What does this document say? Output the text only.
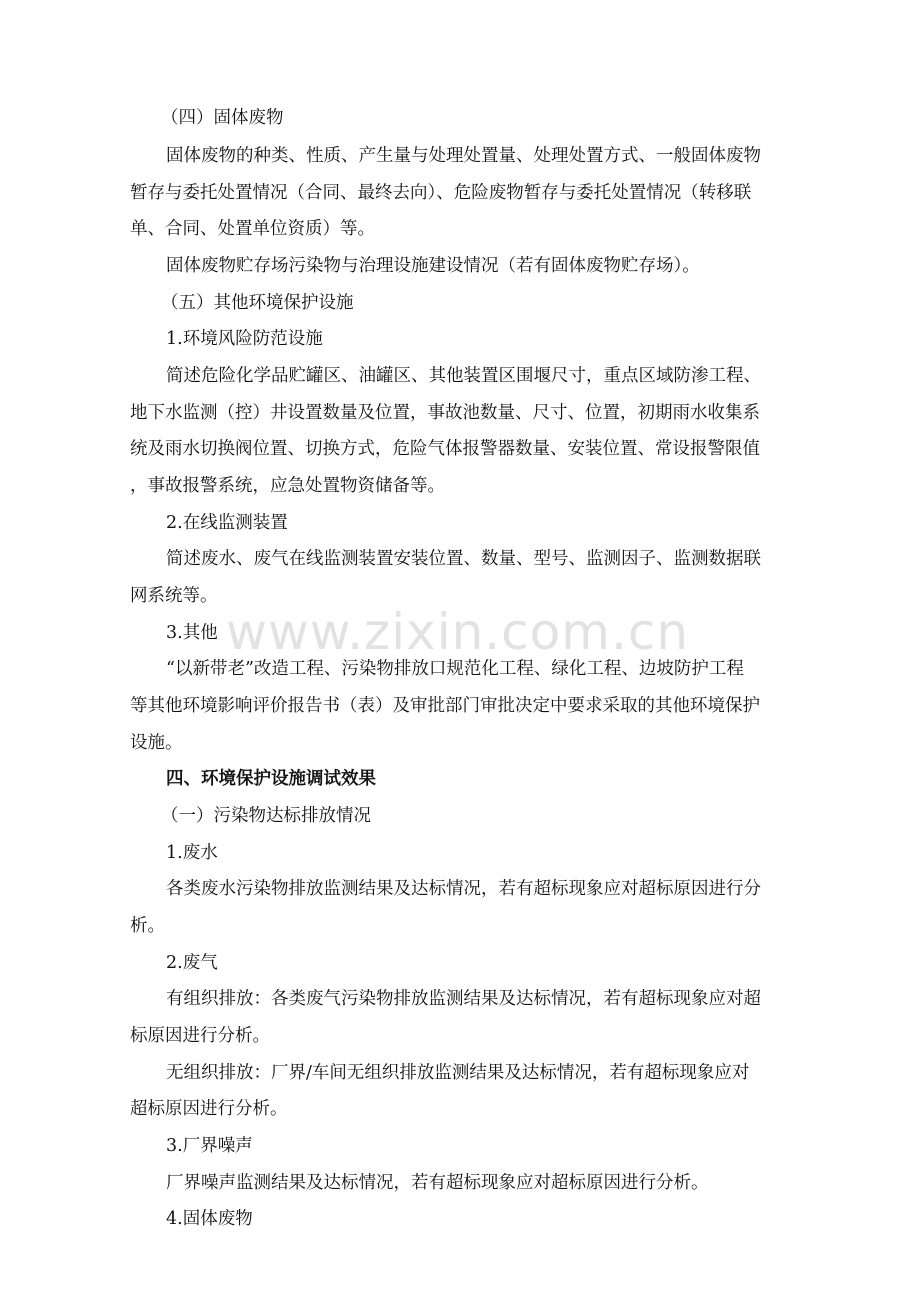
www.zixin.com.cn

（四）固体废物

固体废物的种类、性质、产生量与处理处置量、处理处置方式、一般固体废物

暂存与委托处置情况（合同、最终去向）、危险废物暂存与委托处置情况（转移联

单、合同、处置单位资质）等。

固体废物贮存场污染物与治理设施建设情况（若有固体废物贮存场）。

（五）其他环境保护设施

1.环境风险防范设施

简述危险化学品贮罐区、油罐区、其他装置区围堰尺寸，重点区域防渗工程、

地下水监测（控）井设置数量及位置，事故池数量、尺寸、位置，初期雨水收集系

统及雨水切换阀位置、切换方式，危险气体报警器数量、安装位置、常设报警限值

，事故报警系统，应急处置物资储备等。

2.在线监测装置

简述废水、废气在线监测装置安装位置、数量、型号、监测因子、监测数据联

网系统等。

3.其他

“以新带老”改造工程、污染物排放口规范化工程、绿化工程、边坡防护工程

等其他环境影响评价报告书（表）及审批部门审批决定中要求采取的其他环境保护

设施。

四、环境保护设施调试效果

（一）污染物达标排放情况

1.废水

各类废水污染物排放监测结果及达标情况，若有超标现象应对超标原因进行分

析。

2.废气

有组织排放：各类废气污染物排放监测结果及达标情况，若有超标现象应对超

标原因进行分析。

无组织排放：厂界/车间无组织排放监测结果及达标情况，若有超标现象应对

超标原因进行分析。

3.厂界噪声

厂界噪声监测结果及达标情况，若有超标现象应对超标原因进行分析。

4.固体废物
